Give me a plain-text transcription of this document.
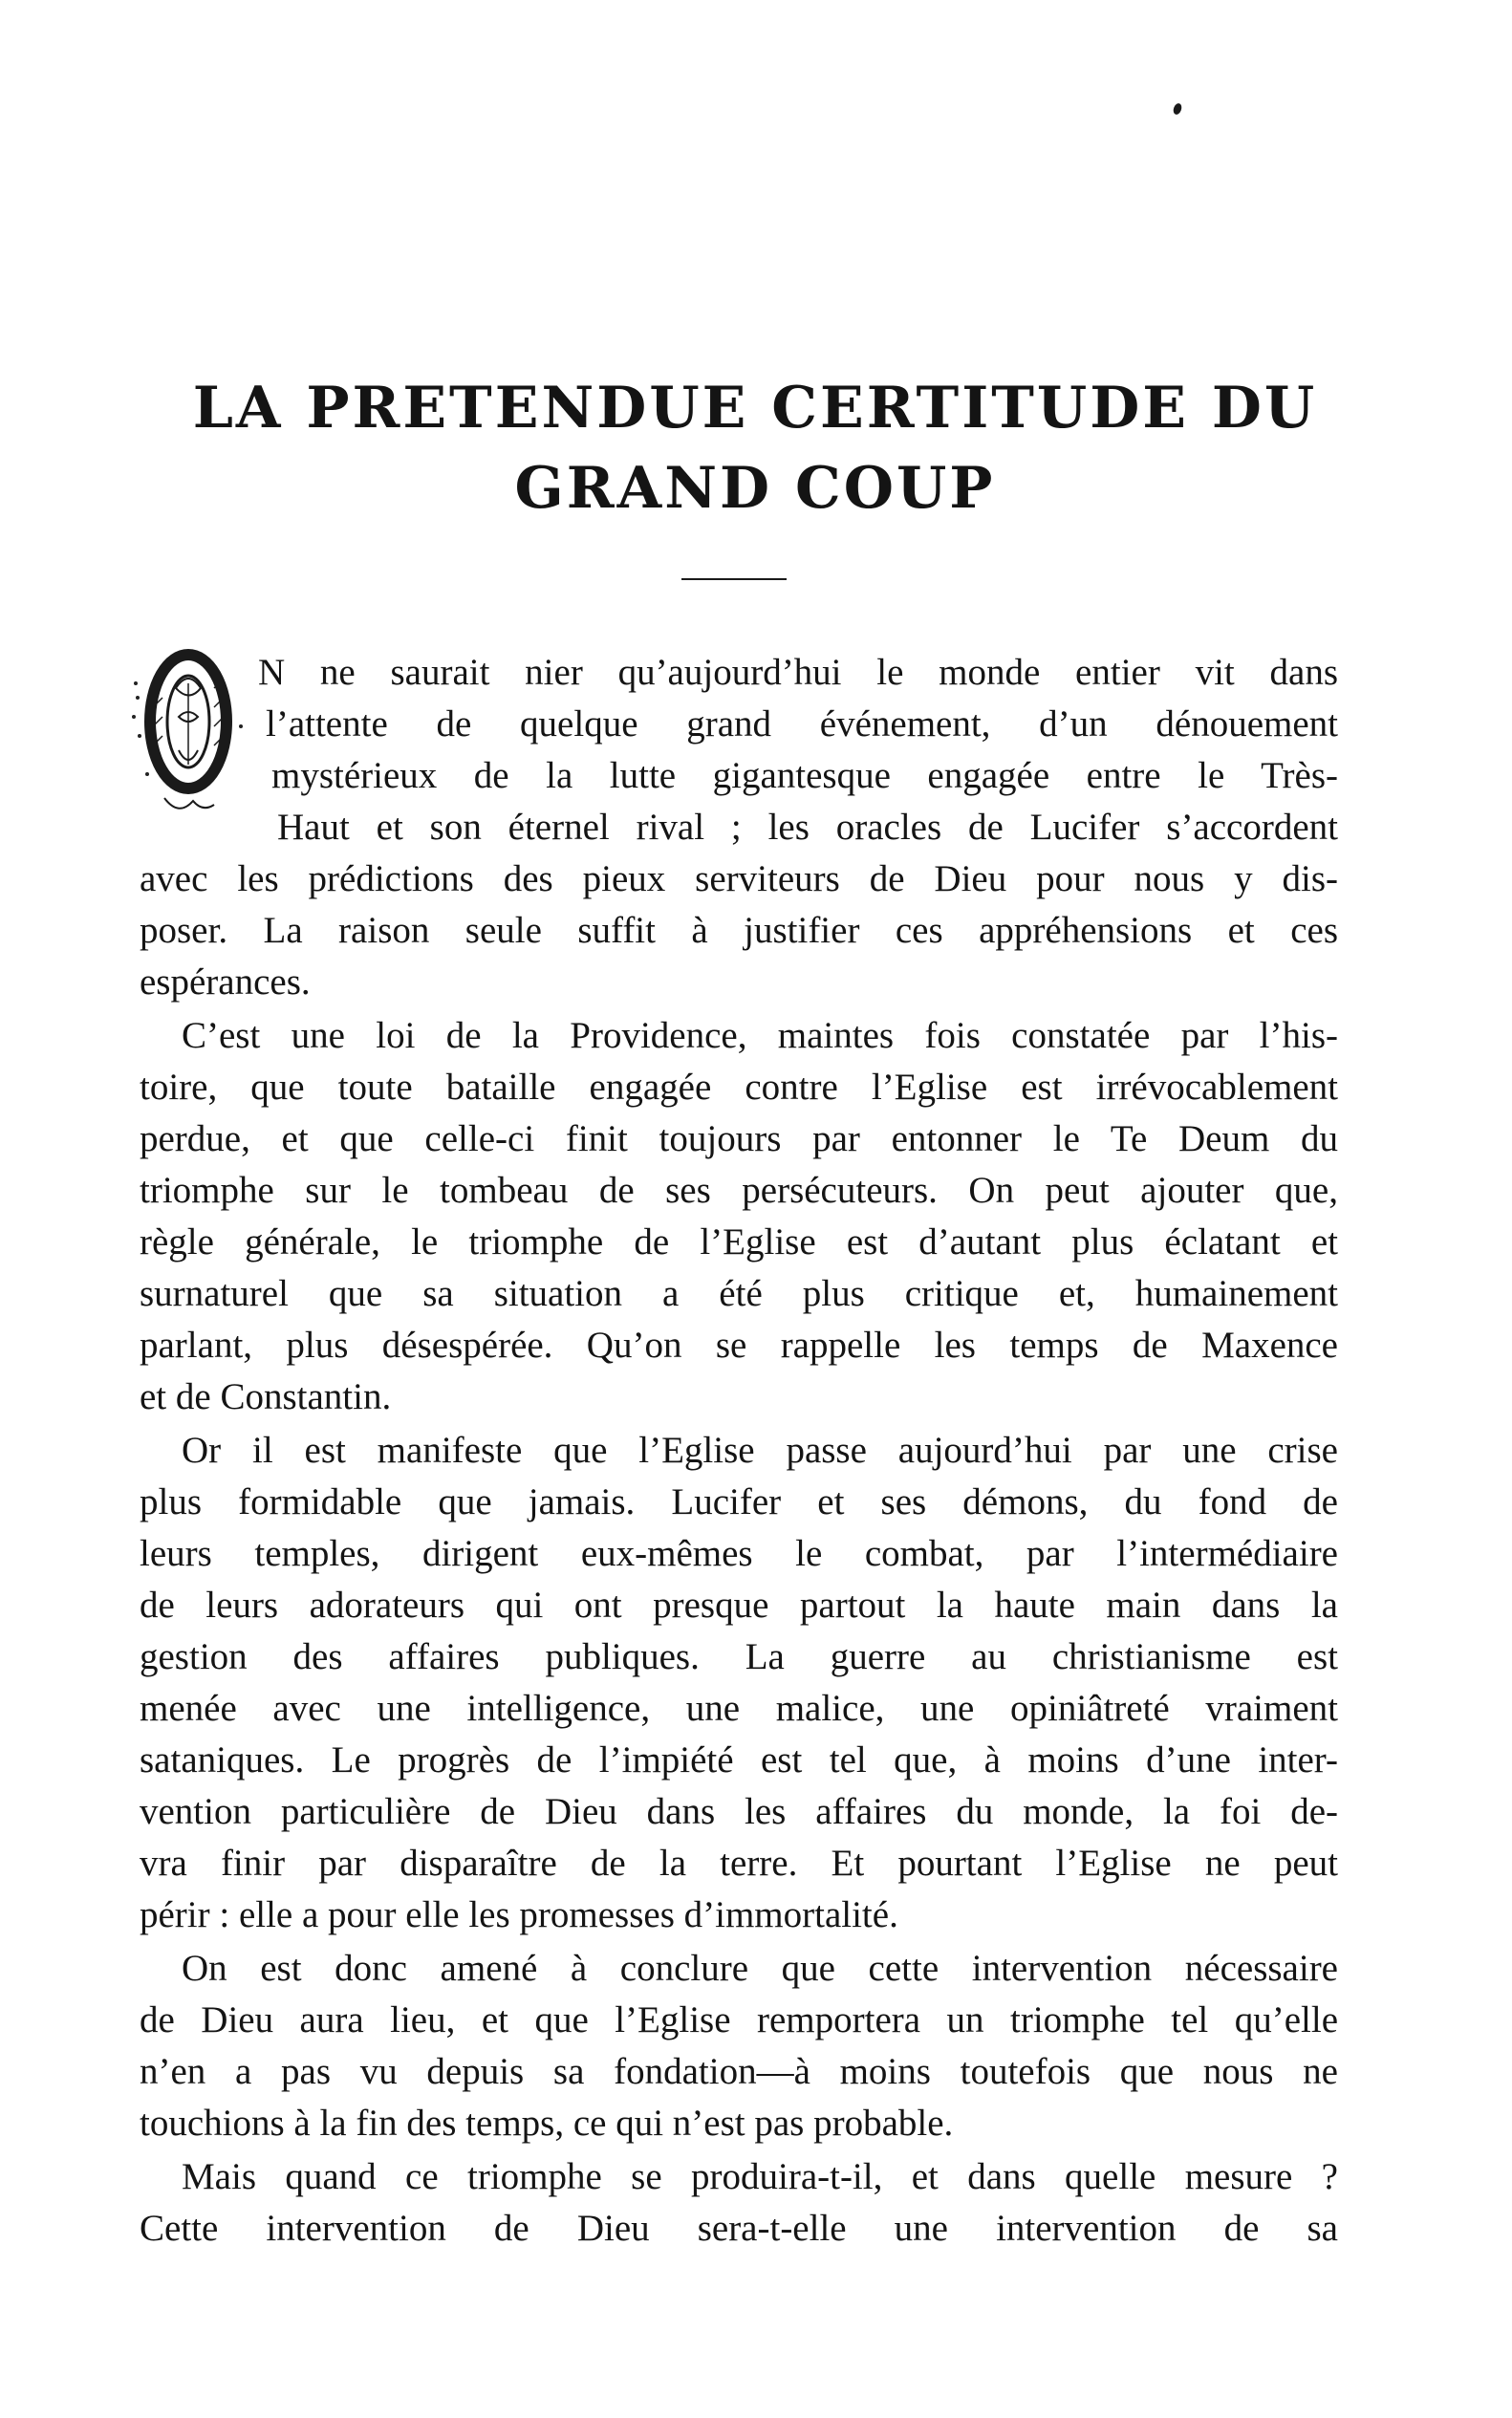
LA PRETENDUE CERTITUDE DU
GRAND COUP
N ne saurait nier qu’aujourd’hui le monde entier vit dans
l’attente de quelque grand événement, d’un dénouement
mystérieux de la lutte gigantesque engagée entre le Très-
Haut et son éternel rival ; les oracles de Lucifer s’accordent
avec les prédictions des pieux serviteurs de Dieu pour nous y dis-
poser. La raison seule suffit à justifier ces appréhensions et ces
espérances.
C’est une loi de la Providence, maintes fois constatée par l’his-
toire, que toute bataille engagée contre l’Eglise est irrévocablement
perdue, et que celle-ci finit toujours par entonner le Te Deum du
triomphe sur le tombeau de ses persécuteurs. On peut ajouter que,
règle générale, le triomphe de l’Eglise est d’autant plus éclatant et
surnaturel que sa situation a été plus critique et, humainement
parlant, plus désespérée. Qu’on se rappelle les temps de Maxence
et de Constantin.
Or il est manifeste que l’Eglise passe aujourd’hui par une crise
plus formidable que jamais. Lucifer et ses démons, du fond de
leurs temples, dirigent eux-mêmes le combat, par l’intermédiaire
de leurs adorateurs qui ont presque partout la haute main dans la
gestion des affaires publiques. La guerre au christianisme est
menée avec une intelligence, une malice, une opiniâtreté vraiment
sataniques. Le progrès de l’impiété est tel que, à moins d’une inter-
vention particulière de Dieu dans les affaires du monde, la foi de-
vra finir par disparaître de la terre. Et pourtant l’Eglise ne peut
périr : elle a pour elle les promesses d’immortalité.
On est donc amené à conclure que cette intervention nécessaire
de Dieu aura lieu, et que l’Eglise remportera un triomphe tel qu’elle
n’en a pas vu depuis sa fondation—à moins toutefois que nous ne
touchions à la fin des temps, ce qui n’est pas probable.
Mais quand ce triomphe se produira-t-il, et dans quelle mesure ?
Cette intervention de Dieu sera-t-elle une intervention de sa
